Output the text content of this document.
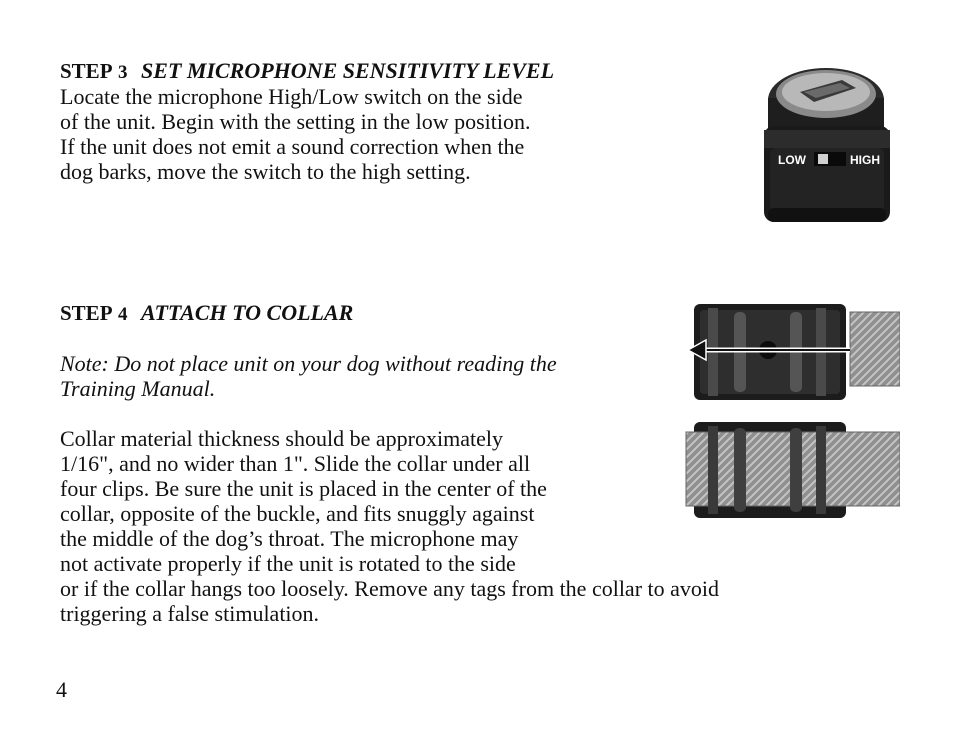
STEP 3 SET MICROPHONE SENSITIVITY LEVEL
Locate the microphone High/Low switch on the side
of the unit. Begin with the setting in the low position.
If the unit does not emit a sound correction when the
dog barks, move the switch to the high setting.	LOW	HIGH
STEP 4 ATTACH TO COLLAR
Note: Do not place unit on your dog without reading the
Training Manual.
Collar material thickness should be approximately
1/16", and no wider than 1". Slide the collar under all
four clips. Be sure the unit is placed in the center of the
collar, opposite of the buckle, and fits snuggly against
the middle of the dog’s throat. The microphone may
not activate properly if the unit is rotated to the side
or if the collar hangs too loosely. Remove any tags from the collar to avoid
triggering a false stimulation.
4
